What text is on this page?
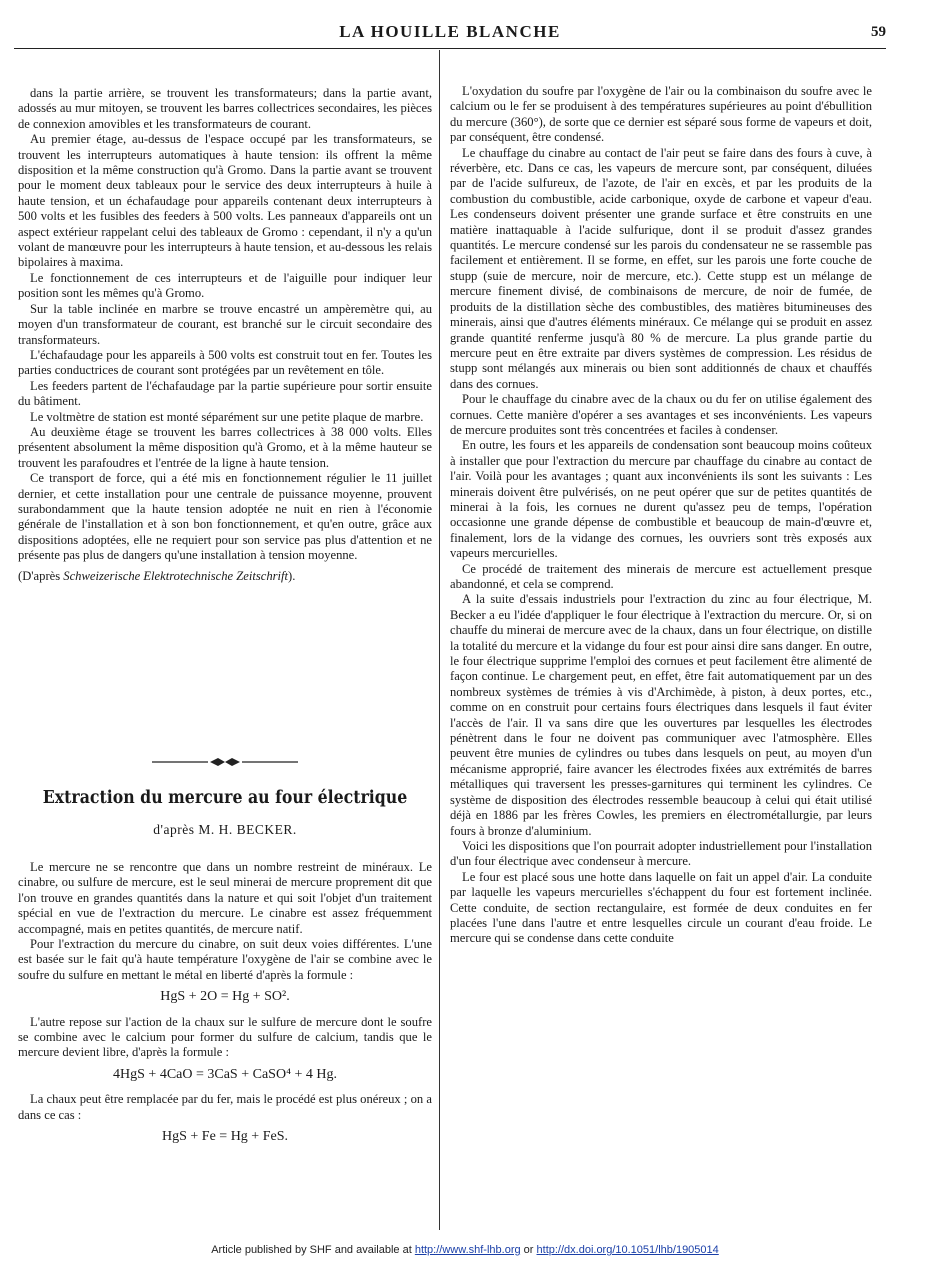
LA HOUILLE BLANCHE	59

dans la partie arrière, se trouvent les transformateurs; dans la partie avant, adossés au mur mitoyen, se trouvent les barres collectrices secondaires, les pièces de connexion amovibles et les transformateurs de courant.

Au premier étage, au-dessus de l'espace occupé par les transformateurs, se trouvent les interrupteurs automatiques à haute tension: ils offrent la même disposition et la même construction qu'à Gromo. Dans la partie avant se trouvent pour le moment deux tableaux pour le service des deux interrupteurs à huile à haute tension, et un échafaudage pour appareils contenant deux interrupteurs à 500 volts et les fusibles des feeders à 500 volts. Les panneaux d'appareils ont un aspect extérieur rappelant celui des tableaux de Gromo : cependant, il n'y a qu'un volant de manœuvre pour les interrupteurs à haute tension, et au-dessous les relais bipolaires à maxima.

Le fonctionnement de ces interrupteurs et de l'aiguille pour indiquer leur position sont les mêmes qu'à Gromo.

Sur la table inclinée en marbre se trouve encastré un ampèremètre qui, au moyen d'un transformateur de courant, est branché sur le circuit secondaire des transformateurs.

L'échafaudage pour les appareils à 500 volts est construit tout en fer. Toutes les parties conductrices de courant sont protégées par un revêtement en tôle.

Les feeders partent de l'échafaudage par la partie supérieure pour sortir ensuite du bâtiment.

Le voltmètre de station est monté séparément sur une petite plaque de marbre.

Au deuxième étage se trouvent les barres collectrices à 38 000 volts. Elles présentent absolument la même disposition qu'à Gromo, et à la même hauteur se trouvent les parafoudres et l'entrée de la ligne à haute tension.

Ce transport de force, qui a été mis en fonctionnement régulier le 11 juillet dernier, et cette installation pour une centrale de puissance moyenne, prouvent surabondamment que la haute tension adoptée ne nuit en rien à l'économie générale de l'installation et à son bon fonctionnement, et qu'en outre, grâce aux dispositions adoptées, elle ne requiert pour son service pas plus d'attention et ne présente pas plus de dangers qu'une installation à tension moyenne.

(D'après Schweizerische Elektrotechnische Zeitschrift).

Extraction du mercure au four électrique
d'après M. H. BECKER.

Le mercure ne se rencontre que dans un nombre restreint de minéraux. Le cinabre, ou sulfure de mercure, est le seul minerai de mercure proprement dit que l'on trouve en grandes quantités dans la nature et qui soit l'objet d'un traitement spécial en vue de l'extraction du mercure. Le cinabre est assez fréquemment accompagné, mais en petites quantités, de mercure natif.

Pour l'extraction du mercure du cinabre, on suit deux voies différentes. L'une est basée sur le fait qu'à haute température l'oxygène de l'air se combine avec le soufre du sulfure en mettant le métal en liberté d'après la formule :

HgS + 2O = Hg + SO².

L'autre repose sur l'action de la chaux sur le sulfure de mercure dont le soufre se combine avec le calcium pour former du sulfure de calcium, tandis que le mercure devient libre, d'après la formule :

4HgS + 4CaO = 3CaS + CaSO⁴ + 4 Hg.

La chaux peut être remplacée par du fer, mais le procédé est plus onéreux ; on a dans ce cas :

HgS + Fe = Hg + FeS.

L'oxydation du soufre par l'oxygène de l'air ou la combinaison du soufre avec le calcium ou le fer se produisent à des températures supérieures au point d'ébullition du mercure (360°), de sorte que ce dernier est séparé sous forme de vapeurs et doit, par conséquent, être condensé.

Le chauffage du cinabre au contact de l'air peut se faire dans des fours à cuve, à réverbère, etc. Dans ce cas, les vapeurs de mercure sont, par conséquent, diluées par de l'acide sulfureux, de l'azote, de l'air en excès, et par les produits de la combustion du combustible, acide carbonique, oxyde de carbone et vapeur d'eau. Les condenseurs doivent présenter une grande surface et être construits en une matière inattaquable à l'acide sulfurique, dont il se produit d'assez grandes quantités. Le mercure condensé sur les parois du condensateur ne se rassemble pas facilement et entièrement. Il se forme, en effet, sur les parois une forte couche de stupp (suie de mercure, noir de mercure, etc.). Cette stupp est un mélange de mercure finement divisé, de combinaisons de mercure, de noir de fumée, de produits de la distillation sèche des combustibles, des matières bitumineuses des minerais, ainsi que d'autres éléments minéraux. Ce mélange qui se produit en assez grande quantité renferme jusqu'à 80 % de mercure. La plus grande partie du mercure peut en être extraite par divers systèmes de compression. Les résidus de stupp sont mélangés aux minerais ou bien sont additionnés de chaux et chauffés dans des cornues.

Pour le chauffage du cinabre avec de la chaux ou du fer on utilise également des cornues. Cette manière d'opérer a ses avantages et ses inconvénients. Les vapeurs de mercure produites sont très concentrées et faciles à condenser.

En outre, les fours et les appareils de condensation sont beaucoup moins coûteux à installer que pour l'extraction du mercure par chauffage du cinabre au contact de l'air. Voilà pour les avantages ; quant aux inconvénients ils sont les suivants : Les minerais doivent être pulvérisés, on ne peut opérer que sur de petites quantités de minerai à la fois, les cornues ne durent qu'assez peu de temps, l'opération occasionne une grande dépense de combustible et beaucoup de main-d'œuvre et, finalement, lors de la vidange des cornues, les ouvriers sont très exposés aux vapeurs mercurielles.

Ce procédé de traitement des minerais de mercure est actuellement presque abandonné, et cela se comprend.

A la suite d'essais industriels pour l'extraction du zinc au four électrique, M. Becker a eu l'idée d'appliquer le four électrique à l'extraction du mercure. Or, si on chauffe du minerai de mercure avec de la chaux, dans un four électrique, on distille la totalité du mercure et la vidange du four est pour ainsi dire sans danger. En outre, le four électrique supprime l'emploi des cornues et peut facilement être alimenté de façon continue. Le chargement peut, en effet, être fait automatiquement par un des nombreux systèmes de trémies à vis d'Archimède, à piston, à deux portes, etc., comme on en construit pour certains fours électriques dans lesquels il faut éviter l'accès de l'air. Il va sans dire que les ouvertures par lesquelles les électrodes pénètrent dans le four ne doivent pas communiquer avec l'atmosphère. Elles peuvent être munies de cylindres ou tubes dans lesquels on peut, au moyen d'un mécanisme approprié, faire avancer les électrodes fixées aux extrémités de barres métalliques qui traversent les presses-garnitures qui terminent les cylindres. Ce système de disposition des électrodes ressemble beaucoup à celui qui était utilisé déjà en 1886 par les frères Cowles, les premiers en électrométallurgie, par leurs fours à bronze d'aluminium.

Voici les dispositions que l'on pourrait adopter industriellement pour l'installation d'un four électrique avec condenseur à mercure.

Le four est placé sous une hotte dans laquelle on fait un appel d'air. La conduite par laquelle les vapeurs mercurielles s'échappent du four est fortement inclinée. Cette conduite, de section rectangulaire, est formée de deux conduites en fer placées l'une dans l'autre et entre lesquelles circule un courant d'eau froide. Le mercure qui se condense dans cette conduite

Article published by SHF and available at http://www.shf-lhb.org or http://dx.doi.org/10.1051/lhb/1905014
